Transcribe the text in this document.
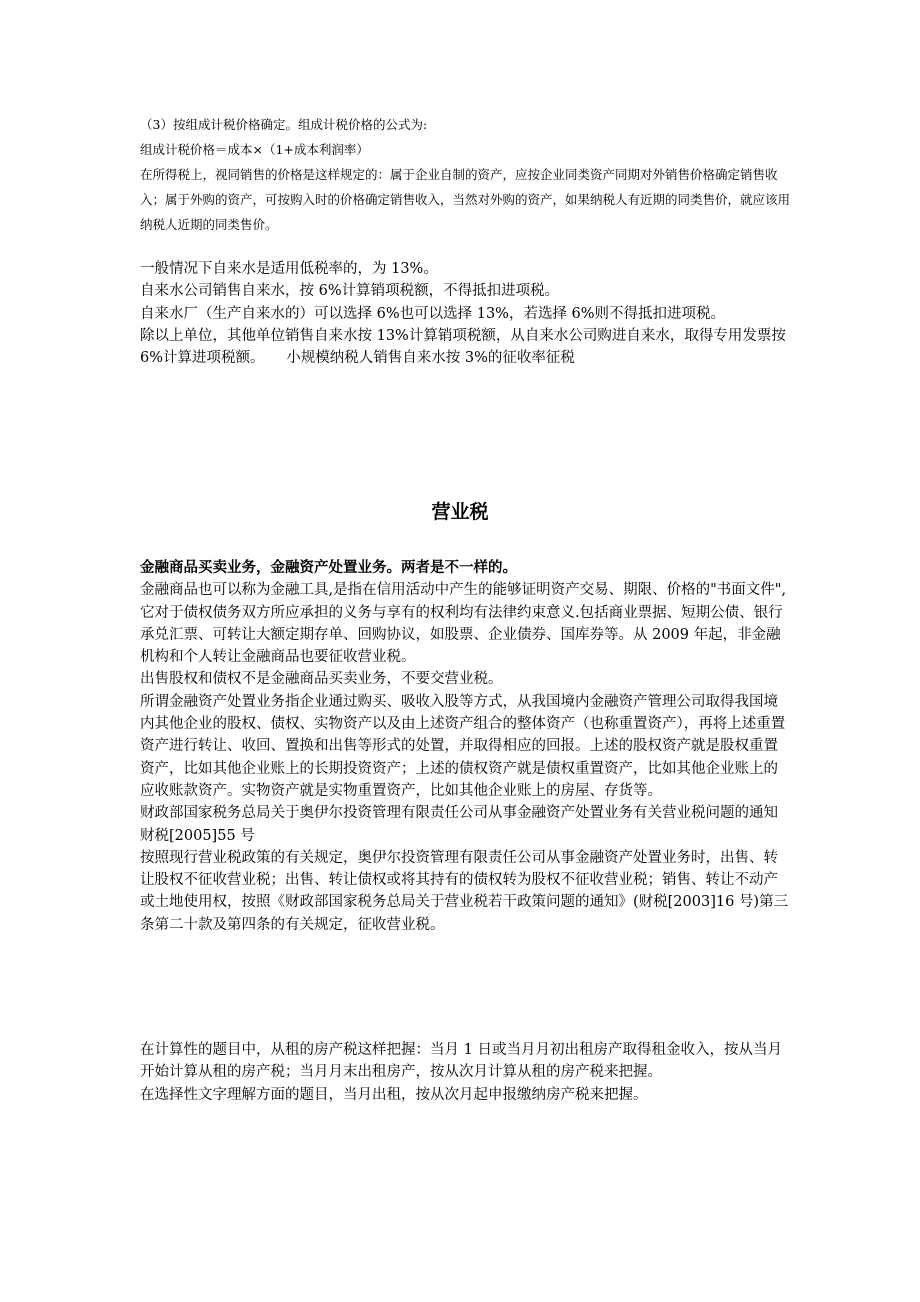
（3）按组成计税价格确定。组成计税价格的公式为:

组成计税价格＝成本×（1+成本利润率）

在所得税上，视同销售的价格是这样规定的：属于企业自制的资产，应按企业同类资产同期对外销售价格确定销售收入；属于外购的资产，可按购入时的价格确定销售收入，当然对外购的资产，如果纳税人有近期的同类售价，就应该用纳税人近期的同类售价。

一般情况下自来水是适用低税率的，为 13%。

自来水公司销售自来水，按 6%计算销项税额，不得抵扣进项税。

自来水厂（生产自来水的）可以选择 6%也可以选择 13%，若选择 6%则不得抵扣进项税。

除以上单位，其他单位销售自来水按 13%计算销项税额，从自来水公司购进自来水，取得专用发票按 6%计算进项税额。　　小规模纳税人销售自来水按 3%的征收率征税

营业税

金融商品买卖业务，金融资产处置业务。两者是不一样的。

金融商品也可以称为金融工具,是指在信用活动中产生的能够证明资产交易、期限、价格的"书面文件",它对于债权债务双方所应承担的义务与享有的权利均有法律约束意义.包括商业票据、短期公债、银行承兑汇票、可转让大额定期存单、回购协议，如股票、企业债券、国库券等。从 2009 年起，非金融机构和个人转让金融商品也要征收营业税。

出售股权和债权不是金融商品买卖业务，不要交营业税。

所谓金融资产处置业务指企业通过购买、吸收入股等方式，从我国境内金融资产管理公司取得我国境内其他企业的股权、债权、实物资产以及由上述资产组合的整体资产（也称重置资产），再将上述重置资产进行转让、收回、置换和出售等形式的处置，并取得相应的回报。上述的股权资产就是股权重置资产，比如其他企业账上的长期投资资产；上述的债权资产就是债权重置资产，比如其他企业账上的应收账款资产。实物资产就是实物重置资产，比如其他企业账上的房屋、存货等。

财政部国家税务总局关于奥伊尔投资管理有限责任公司从事金融资产处置业务有关营业税问题的通知财税[2005]55 号

按照现行营业税政策的有关规定，奥伊尔投资管理有限责任公司从事金融资产处置业务时，出售、转让股权不征收营业税；出售、转让债权或将其持有的债权转为股权不征收营业税；销售、转让不动产或土地使用权，按照《财政部国家税务总局关于营业税若干政策问题的通知》(财税[2003]16 号)第三条第二十款及第四条的有关规定，征收营业税。

在计算性的题目中，从租的房产税这样把握：当月 1 日或当月月初出租房产取得租金收入，按从当月开始计算从租的房产税；当月月末出租房产，按从次月计算从租的房产税来把握。

在选择性文字理解方面的题目，当月出租，按从次月起申报缴纳房产税来把握。
